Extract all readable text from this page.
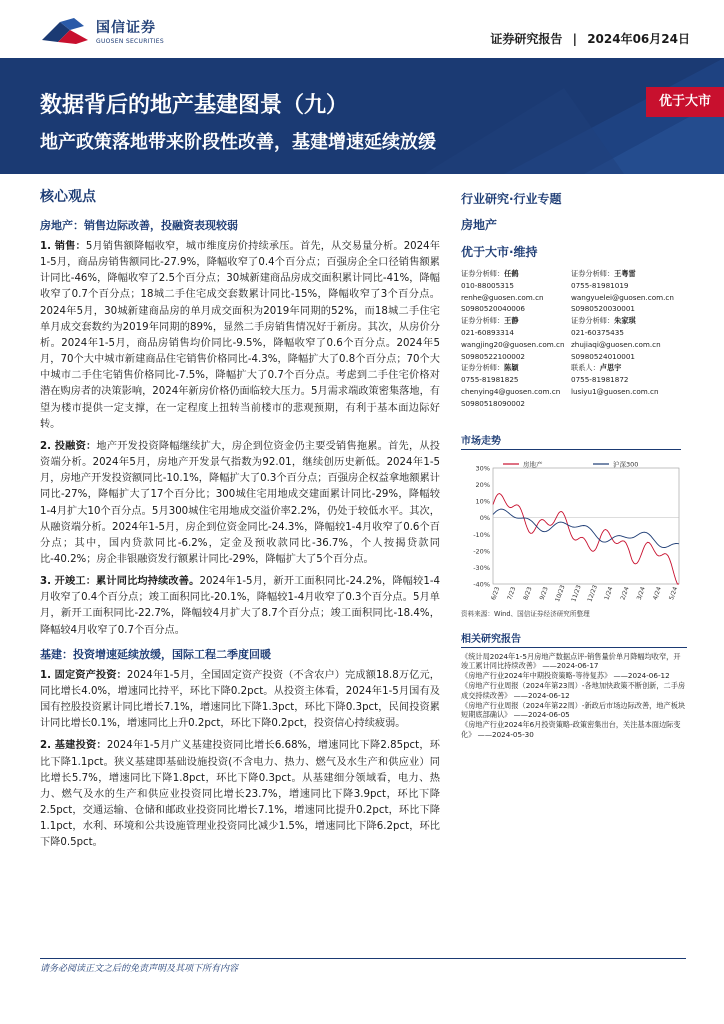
国信证券
GUOSEN SECURITIES	证券研究报告 | 2024年06月24日
数据背后的地产基建图景（九）
地产政策落地带来阶段性改善，基建增速延续放缓
优于大市
核心观点
房地产：销售边际改善，投融资表现较弱

1. 销售：5月销售额降幅收窄，城市维度房价持续承压。首先，从交易量分析。2024年1-5月，商品房销售额同比-27.9%，降幅收窄了0.4个百分点；百强房企全口径销售额累计同比-46%，降幅收窄了2.5个百分点；30城新建商品房成交面积累计同比-41%，降幅收窄了0.7个百分点；18城二手住宅成交套数累计同比-15%，降幅收窄了3个百分点。2024年5月，30城新建商品房的单月成交面积为2019年同期的52%，而18城二手住宅单月成交套数约为2019年同期的89%，显然二手房销售情况好于新房。其次，从房价分析。2024年1-5月，商品房销售均价同比-9.5%，降幅收窄了0.6个百分点。2024年5月，70个大中城市新建商品住宅销售价格同比-4.3%，降幅扩大了0.8个百分点；70个大中城市二手住宅销售价格同比-7.5%，降幅扩大了0.7个百分点。考虑到二手住宅价格对潜在购房者的决策影响，2024年新房价格仍面临较大压力。5月需求端政策密集落地，有望为楼市提供一定支撑，在一定程度上扭转当前楼市的悲观预期，有利于基本面边际好转。

2. 投融资：地产开发投资降幅继续扩大，房企到位资金仍主要受销售拖累。首先，从投资端分析。2024年5月，房地产开发景气指数为92.01，继续创历史新低。2024年1-5月，房地产开发投资额同比-10.1%，降幅扩大了0.3个百分点；百强房企权益拿地额累计同比-27%，降幅扩大了17个百分比；300城住宅用地成交建面累计同比-29%，降幅较1-4月扩大10个百分点。5月300城住宅用地成交溢价率2.2%，仍处于较低水平。其次，从融资端分析。2024年1-5月，房企到位资金同比-24.3%，降幅较1-4月收窄了0.6个百分点；其中，国内贷款同比-6.2%，定金及预收款同比-36.7%，个人按揭贷款同比-40.2%；房企非银融资发行额累计同比-29%，降幅扩大了5个百分点。

3. 开竣工：累计同比均持续改善。2024年1-5月，新开工面积同比-24.2%，降幅较1-4月收窄了0.4个百分点；竣工面积同比-20.1%，降幅较1-4月收窄了0.3个百分点。5月单月，新开工面积同比-22.7%，降幅较4月扩大了8.7个百分点；竣工面积同比-18.4%，降幅较4月收窄了0.7个百分点。

基建：投资增速延续放缓，国际工程二季度回暖

1. 固定资产投资：2024年1-5月，全国固定资产投资（不含农户）完成额18.8万亿元，同比增长4.0%，增速同比持平，环比下降0.2pct。从投资主体看，2024年1-5月国有及国有控股投资累计同比增长7.1%，增速同比下降1.3pct，环比下降0.3pct，民间投资累计同比增长0.1%，增速同比上升0.2pct，环比下降0.2pct，投资信心持续疲弱。

2. 基建投资：2024年1-5月广义基建投资同比增长6.68%，增速同比下降2.85pct，环比下降1.1pct。狭义基建即基础设施投资(不含电力、热力、燃气及水生产和供应业）同比增长5.7%，增速同比下降1.8pct，环比下降0.3pct。从基建细分领域看，电力、热力、燃气及水的生产和供应业投资同比增长23.7%，增速同比下降3.9pct，环比下降2.5pct，交通运输、仓储和邮政业投资同比增长7.1%，增速同比提升0.2pct，环比下降1.1pct，水利、环境和公共设施管理业投资同比减少1.5%，增速同比下降6.2pct，环比下降0.5pct。

行业研究·行业专题
房地产
优于大市·维持
证券分析师：任鹤
010-88005315
renhe@guosen.com.cn
S0980520040006
证券分析师：王粤雷
0755-81981019
wangyuelei@guosen.com.cn
S0980520030001
证券分析师：王静
021-60893314
wangjing20@guosen.com.cn
S0980522100002
证券分析师：朱家琪
021-60375435
zhujiaqi@guosen.com.cn
S0980524010001
证券分析师：陈颖
0755-81981825
chenying4@guosen.com.cn
S0980518090002
联系人：卢思宇
0755-81981872
lusiyu1@guosen.com.cn
市场走势
30%
20%
10%
0%
-10%
-20%
-30%
-40%
6/23 7/23 8/23 9/23 10/23 11/23 12/23 1/24 2/24 3/24 4/24 5/24
房地产	沪深300
资料来源：Wind、国信证券经济研究所整理
相关研究报告
《统计局2024年1-5月房地产数据点评-销售量价单月降幅均收窄，开竣工累计同比持续改善》 ——2024-06-17
《房地产行业2024年中期投资策略-等待复苏》 ——2024-06-12
《房地产行业周报（2024年第23周）-各地加快政策不断创新，二手房成交持续改善》 ——2024-06-12
《房地产行业周报（2024年第22周）-新政后市场边际改善，地产板块短期底部确认》 ——2024-06-05
《房地产行业2024年6月投资策略-政策密集出台，关注基本面边际变化》 ——2024-05-30
请务必阅读正文之后的免责声明及其项下所有内容
